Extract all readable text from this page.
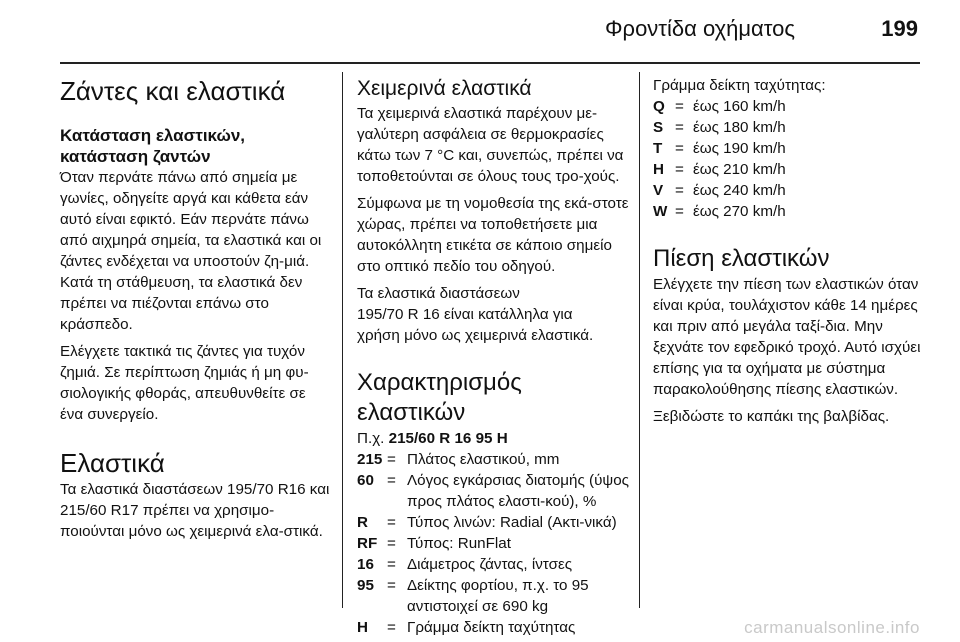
Φροντίδα οχήματος	199
Ζάντες και ελαστικά
Κατάσταση ελαστικών,
κατάσταση ζαντών

Όταν περνάτε πάνω από σημεία με γωνίες, οδηγείτε αργά και κάθετα εάν αυτό είναι εφικτό. Εάν περνάτε πάνω από αιχμηρά σημεία, τα ελαστικά και οι ζάντες ενδέχεται να υποστούν ζη-μιά. Κατά τη στάθμευση, τα ελαστικά δεν πρέπει να πιέζονται επάνω στο κράσπεδο.

Ελέγχετε τακτικά τις ζάντες για τυχόν ζημιά. Σε περίπτωση ζημιάς ή μη φυ-σιολογικής φθοράς, απευθυνθείτε σε ένα συνεργείο.

Ελαστικά

Τα ελαστικά διαστάσεων 195/70 R16 και 215/60 R17 πρέπει να χρησιμο-ποιούνται μόνο ως χειμερινά ελα-στικά.

Χειμερινά ελαστικά

Τα χειμερινά ελαστικά παρέχουν με-γαλύτερη ασφάλεια σε θερμοκρασίες κάτω των 7 °C και, συνεπώς, πρέπει να τοποθετούνται σε όλους τους τρο-χούς.

Σύμφωνα με τη νομοθεσία της εκά-στοτε χώρας, πρέπει να τοποθετήσετε μια αυτοκόλλητη ετικέτα σε κάποιο σημείο στο οπτικό πεδίο του οδηγού.

Τα ελαστικά διαστάσεων

195/70 R 16 είναι κατάλληλα για

χρήση μόνο ως χειμερινά ελαστικά.

Χαρακτηρισμός ελαστικών

Π.χ. 215/60 R 16 95 H

215 = Πλάτος ελαστικού, mm
60 = Λόγος εγκάρσιας διατομής (ύψος προς πλάτος ελαστι-κού), %
R	= Τύπος λινών: Radial (Ακτι-νικά)
RF = Τύπος: RunFlat
16 = Διάμετρος ζάντας, ίντσες
95 = Δείκτης φορτίου, π.χ. το 95 αντιστοιχεί σε 690 kg
H	= Γράμμα δείκτη ταχύτητας

Γράμμα δείκτη ταχύτητας:

Q = έως 160 km/h
S = έως 180 km/h
T = έως 190 km/h
H = έως 210 km/h
V = έως 240 km/h
W = έως 270 km/h
Πίεση ελαστικών

Ελέγχετε την πίεση των ελαστικών όταν είναι κρύα, τουλάχιστον κάθε 14 ημέρες και πριν από μεγάλα ταξί-δια. Μην ξεχνάτε τον εφεδρικό τροχό. Αυτό ισχύει επίσης για τα οχήματα με σύστημα παρακολούθησης πίεσης ελαστικών.

Ξεβιδώστε το καπάκι της βαλβίδας.

carmanualsonline.info
